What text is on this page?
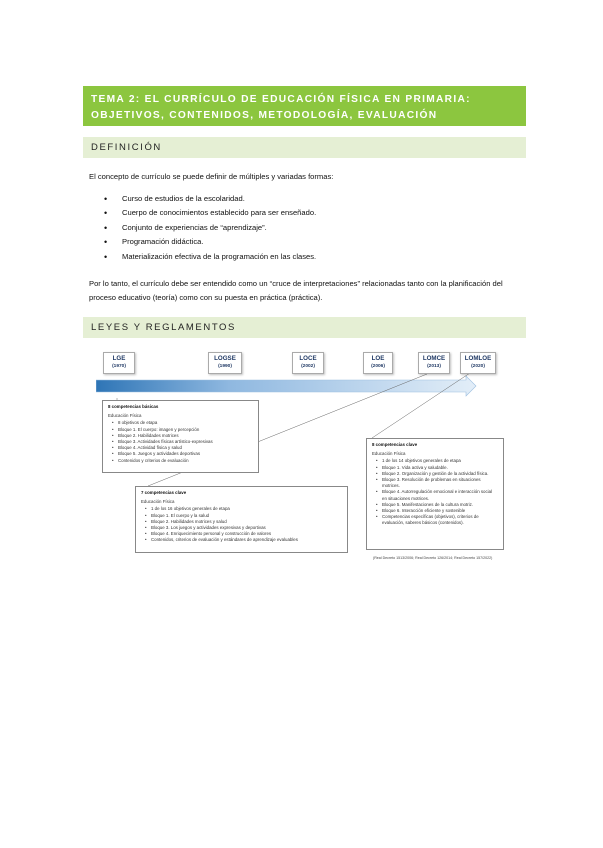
TEMA 2: EL CURRÍCULO DE EDUCACIÓN FÍSICA EN PRIMARIA: OBJETIVOS, CONTENIDOS, METODOLOGÍA, EVALUACIÓN
DEFINICIÓN
El concepto de currículo se puede definir de múltiples y variadas formas:
• Curso de estudios de la escolaridad.
• Cuerpo de conocimientos establecido para ser enseñado.
• Conjunto de experiencias de “aprendizaje”.
• Programación didáctica.
• Materialización efectiva de la programación en las clases.
Por lo tanto, el currículo debe ser entendido como un “cruce de interpretaciones” relacionadas tanto con la planificación del proceso educativo (teoría) como con su puesta en práctica (práctica).
LEYES Y REGLAMENTOS
LGE
(1970)
LOGSE
(1990)
LOCE
(2002)
LOE
(2006)
LOMCE
(2013)
LOMLOE
(2020)
8 competencias básicas
Educación Física
• 8 objetivos de etapa
• Bloque 1. El cuerpo: imagen y percepción
• Bloque 2. Habilidades motrices
• Bloque 3. Actividades físicas artístico-expresivas
• Bloque 4. Actividad física y salud
• Bloque 5. Juegos y actividades deportivas
• Contenidos y criterios de evaluación
7 competencias clave
Educación Física
• 1 de los 16 objetivos generales de etapa
• Bloque 1. El cuerpo y la salud
• Bloque 2. Habilidades motrices y salud
• Bloque 3. Los juegos y actividades expresivas y deportivas
• Bloque 4. Enriquecimiento personal y construcción de valores
• Contenidos, criterios de evaluación y estándares de aprendizaje evaluables
8 competencias clave
Educación Física
• 1 de los 14 objetivos generales de etapa
• Bloque 1. Vida activa y saludable.
• Bloque 2. Organización y gestión de la actividad física.
• Bloque 3. Resolución de problemas en situaciones motrices.
• Bloque 4. Autorregulación emocional e interacción social en situaciones motrices.
• Bloque 5. Manifestaciones de la cultura motriz.
• Bloque 6. Interacción eficiente y sostenible
• Competencias específicas (objetivos), criterios de evaluación, saberes básicos (contenidos).
(Real Decreto 1513/2006; Real Decreto 126/2014; Real Decreto 157/2022)
